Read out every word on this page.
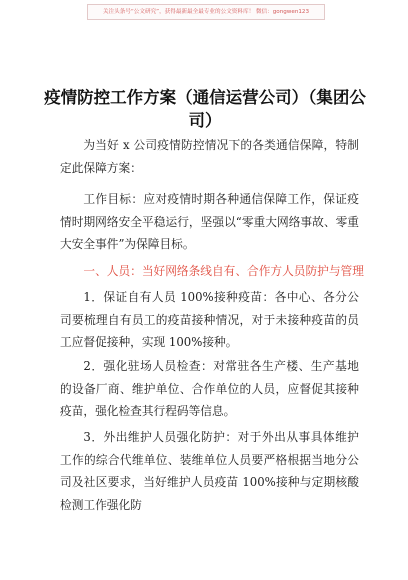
关注头条号“公文研究”，获得最新最全最专业的公文资料库！ 微信：gongwen123
疫情防控工作方案（通信运营公司）（集团公司）
为当好 x 公司疫情防控情况下的各类通信保障，特制定此保障方案：
工作目标：应对疫情时期各种通信保障工作，保证疫情时期网络安全平稳运行，坚强以“零重大网络事故、零重大安全事件”为保障目标。
一、人员：当好网络条线自有、合作方人员防护与管理
1．保证自有人员 100%接种疫苗：各中心、各分公司要梳理自有员工的疫苗接种情况，对于未接种疫苗的员工应督促接种，实现 100%接种。
2．强化驻场人员检查：对常驻各生产楼、生产基地的设备厂商、维护单位、合作单位的人员，应督促其接种疫苗，强化检查其行程码等信息。
3．外出维护人员强化防护：对于外出从事具体维护工作的综合代维单位、装维单位人员要严格根据当地分公司及社区要求，当好维护人员疫苗 100%接种与定期核酸检测工作强化防
